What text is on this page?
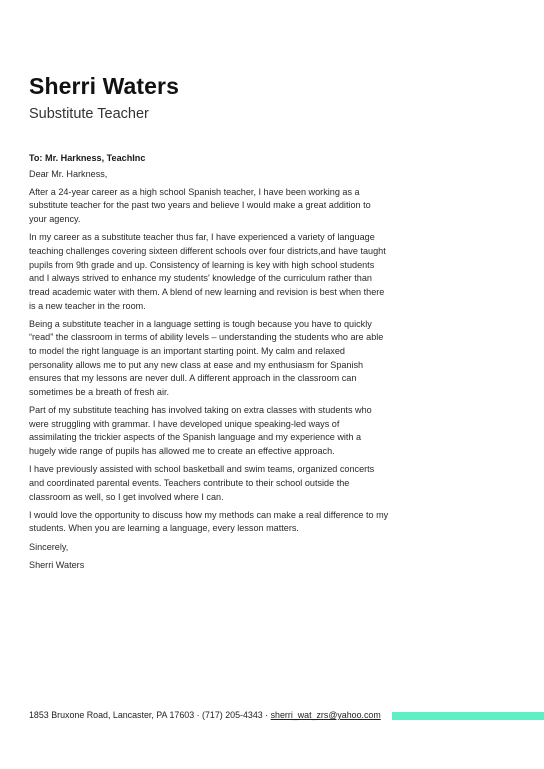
Sherri Waters
Substitute Teacher

To: Mr. Harkness, TeachInc

Dear Mr. Harkness,

After a 24-year career as a high school Spanish teacher, I have been working as a substitute teacher for the past two years and believe I would make a great addition to your agency.

In my career as a substitute teacher thus far, I have experienced a variety of language teaching challenges covering sixteen different schools over four districts,and have taught pupils from 9th grade and up. Consistency of learning is key with high school students and I always strived to enhance my students' knowledge of the curriculum rather than tread academic water with them. A blend of new learning and revision is best when there is a new teacher in the room.

Being a substitute teacher in a language setting is tough because you have to quickly “read” the classroom in terms of ability levels – understanding the students who are able to model the right language is an important starting point. My calm and relaxed personality allows me to put any new class at ease and my enthusiasm for Spanish ensures that my lessons are never dull. A different approach in the classroom can sometimes be a breath of fresh air.

Part of my substitute teaching has involved taking on extra classes with students who were struggling with grammar. I have developed unique speaking-led ways of assimilating the trickier aspects of the Spanish language and my experience with a hugely wide range of pupils has allowed me to create an effective approach.

I have previously assisted with school basketball and swim teams, organized concerts and coordinated parental events. Teachers contribute to their school outside the classroom as well, so I get involved where I can.

I would love the opportunity to discuss how my methods can make a real difference to my students. When you are learning a language, every lesson matters.

Sincerely,

Sherri Waters

1853 Bruxone Road, Lancaster, PA 17603 · (717) 205-4343 · sherri_wat_zrs@yahoo.com
